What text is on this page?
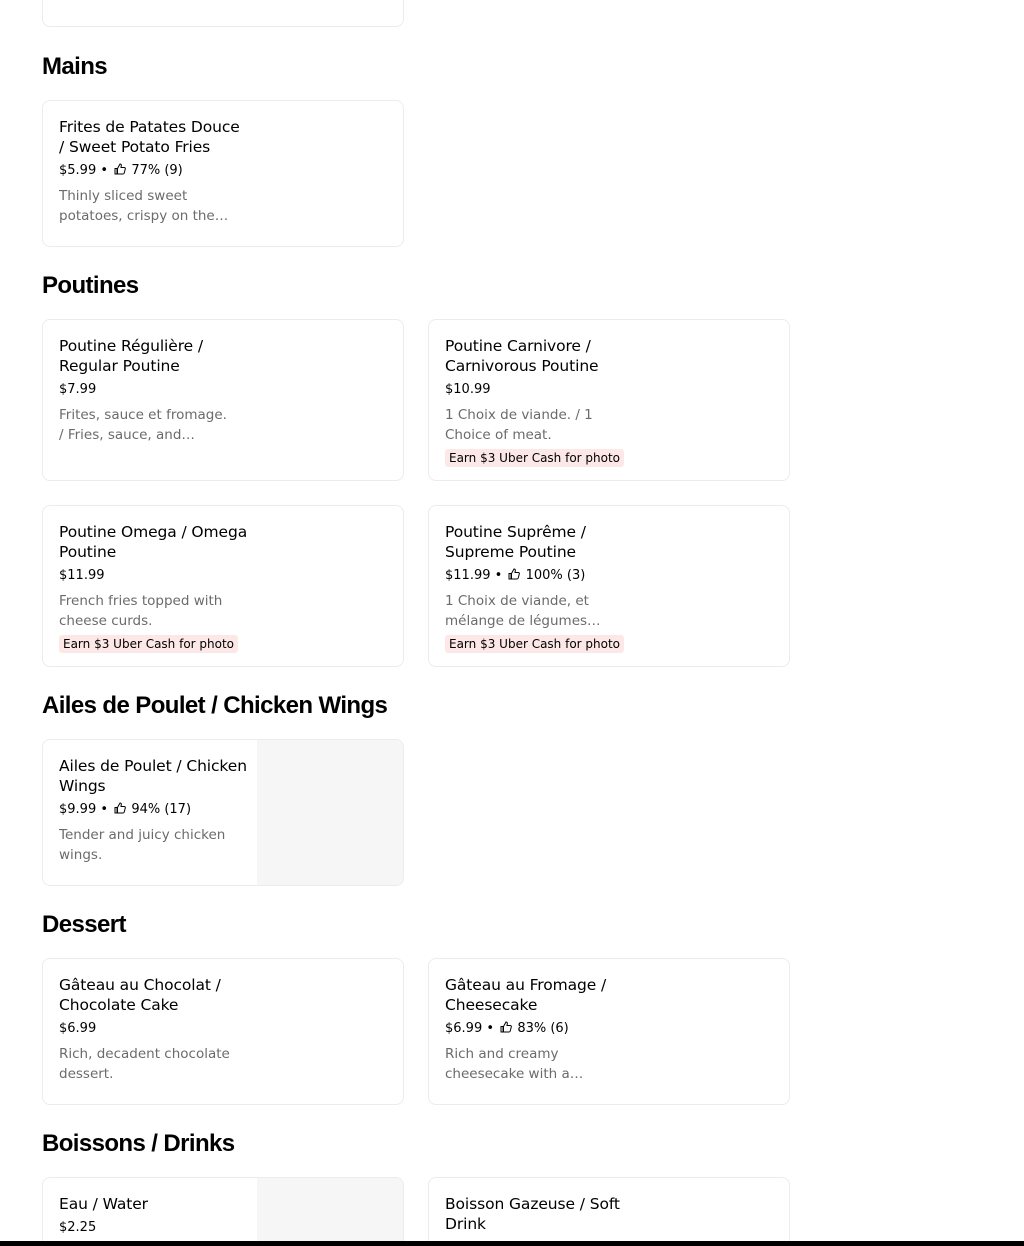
Mains
Frites de Patates Douce / Sweet Potato Fries
$5.99 • 77% (9)
Thinly sliced sweet potatoes, crispy on the
Poutines
Poutine Régulière / Regular Poutine
$7.99
Frites, sauce et fromage. / Fries, sauce, and
Poutine Carnivore / Carnivorous Poutine
$10.99
1 Choix de viande. / 1 Choice of meat.
Earn $3 Uber Cash for photo
Poutine Omega / Omega Poutine
$11.99
French fries topped with cheese curds.
Earn $3 Uber Cash for photo
Poutine Suprême / Supreme Poutine
$11.99 • 100% (3)
1 Choix de viande, et mélange de légumes
Earn $3 Uber Cash for photo
Ailes de Poulet / Chicken Wings
Ailes de Poulet / Chicken Wings
$9.99 • 94% (17)
Tender and juicy chicken wings.
Dessert
Gâteau au Chocolat / Chocolate Cake
$6.99
Rich, decadent chocolate dessert.
Gâteau au Fromage / Cheesecake
$6.99 • 83% (6)
Rich and creamy cheesecake with a
Boissons / Drinks
Eau / Water
$2.25
Boisson Gazeuse / Soft Drink
